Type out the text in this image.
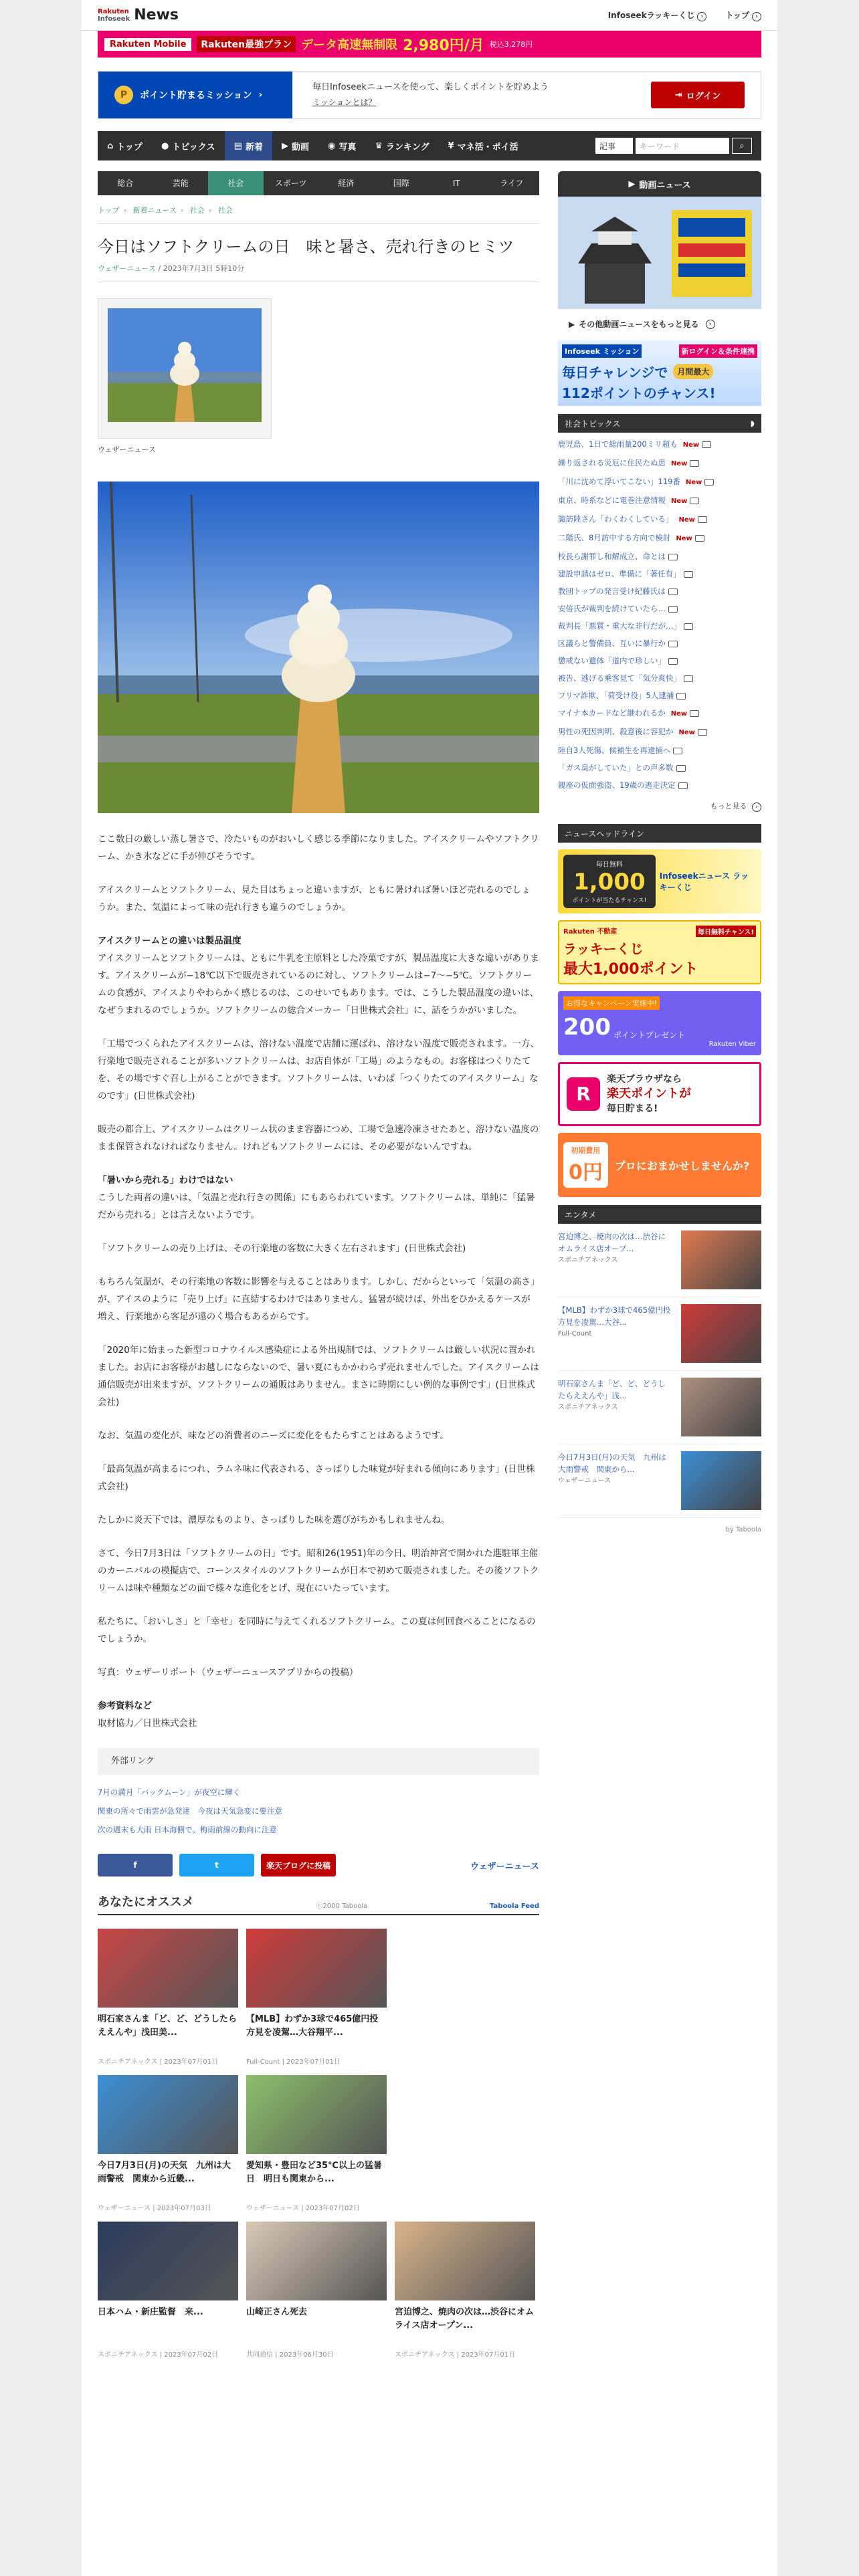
Rakuten
Infoseek News	Infoseekラッキーくじ ›	トップ ›
Rakuten Mobile	Rakuten最強プラン データ高速無制限 2,980円/月 税込3,278円
P	ポイント貯まるミッション ›
毎日Infoseekニュースを使って、楽しくポイントを貯めよう
ミッションとは？
⇥ ログイン
⌂ トップ ● トピックス ▤ 新着 ▶ 動画 ◉ 写真 ♛ ランキング ¥ マネ活・ポイ活	記事	キーワード	⌕
総合	芸能	社会	スポーツ	経済	国際	IT	ライフ
トップ › 新着ニュース › 社会 › 社会
今日はソフトクリームの日　味と暑さ、売れ行きのヒミツ
ウェザーニュース / 2023年7月3日 5時10分
ウェザーニュース

ここ数日の厳しい蒸し暑さで、冷たいものがおいしく感じる季節になりました。アイスクリームやソフトクリーム、かき氷などに手が伸びそうです。

アイスクリームとソフトクリーム、見た目はちょっと違いますが、ともに暑ければ暑いほど売れるのでしょうか。また、気温によって味の売れ行きも違うのでしょうか。

アイスクリームとの違いは製品温度

アイスクリームとソフトクリームは、ともに牛乳を主原料とした冷菓ですが、製品温度に大きな違いがあります。アイスクリームが−18℃以下で販売されているのに対し、ソフトクリームは−7～−5℃。ソフトクリームの食感が、アイスよりやわらかく感じるのは、このせいでもあります。では、こうした製品温度の違いは、なぜうまれるのでしょうか。ソフトクリームの総合メーカー「日世株式会社」に、話をうかがいました。

「工場でつくられたアイスクリームは、溶けない温度で店舗に運ばれ、溶けない温度で販売されます。一方、行楽地で販売されることが多いソフトクリームは、お店自体が「工場」のようなもの。お客様はつくりたてを、その場ですぐ召し上がることができます。ソフトクリームは、いわば「つくりたてのアイスクリーム」なのです」(日世株式会社)

販売の都合上、アイスクリームはクリーム状のまま容器につめ、工場で急速冷凍させたあと、溶けない温度のまま保管されなければなりません。けれどもソフトクリームには、その必要がないんですね。

「暑いから売れる」わけではない

こうした両者の違いは、「気温と売れ行きの関係」にもあらわれています。ソフトクリームは、単純に「猛暑だから売れる」とは言えないようです。

「ソフトクリームの売り上げは、その行楽地の客数に大きく左右されます」(日世株式会社)

もちろん気温が、その行楽地の客数に影響を与えることはあります。しかし、だからといって「気温の高さ」が、アイスのように「売り上げ」に直結するわけではありません。猛暑が続けば、外出をひかえるケースが増え、行楽地から客足が遠のく場合もあるからです。

「2020年に始まった新型コロナウイルス感染症による外出規制では、ソフトクリームは厳しい状況に置かれました。お店にお客様がお越しにならないので、暑い夏にもかかわらず売れませんでした。アイスクリームは通信販売が出来ますが、ソフトクリームの通販はありません。まさに時期にしい例的な事例です」(日世株式会社)

なお、気温の変化が、味などの消費者のニーズに変化をもたらすことはあるようです。

「最高気温が高まるにつれ、ラムネ味に代表される、さっぱりした味覚が好まれる傾向にあります」(日世株式会社)

たしかに炎天下では、濃厚なものより、さっぱりした味を選びがちかもしれませんね。

さて、今日7月3日は「ソフトクリームの日」です。昭和26(1951)年の今日、明治神宮で開かれた進駐軍主催のカーニバルの模擬店で、コーンスタイルのソフトクリームが日本で初めて販売されました。その後ソフトクリームは味や種類などの面で様々な進化をとげ、現在にいたっています。

私たちに、「おいしさ」と「幸せ」を同時に与えてくれるソフトクリーム。この夏は何回食べることになるのでしょうか。

写真：ウェザーリポート（ウェザーニュースアプリからの投稿）

参考資料など

取材協力／日世株式会社

外部リンク
7月の満月「バックムーン」が夜空に輝く
関東の所々で雨雲が急発達　今夜は天気急変に要注意
次の週末も大雨 日本海側で、梅雨前線の動向に注意
f	t	楽天ブログに投稿	ウェザーニュース
あなたにオススメ	ⓒ2000 Taboola	Taboola Feed
明石家さんま「ど、ど、どうしたらええんや」浅田美...
スポニチアネックス | 2023年07月01日
【MLB】わずか3球で465億円投方見を凌駕…大谷翔平...
Full-Count | 2023年07月01日
今日7月3日(月)の天気　九州は大雨警戒　関東から近畿...
ウェザーニュース | 2023年07月03日
愛知県・豊田など35℃以上の猛暑日　明日も関東から...
ウェザーニュース | 2023年07月02日
日本ハム・新庄監督　来...
スポニチアネックス | 2023年07月02日
山崎正さん死去
共同通信 | 2023年06月30日
宮迫博之、焼肉の次は…渋谷にオムライス店オープン...
スポニチアネックス | 2023年07月01日
▶ 動画ニュース
▶ その他動画ニュースをもっと見る	›
Infoseek ミッション	新ログイン＆条件連携
毎日チャレンジで	月間最大
112ポイントのチャンス!
社会トピックス	◗
鹿児島、1日で総雨量200ミリ超も New
繰り返される災厄に住民たぬ患 New
「川に沈めて浮いてこない」119番 New
東京、時系などに電巻注意情報 New
諏訪陸さん「わくわくしている」 New
二階氏、8月訪中する方向で検討 New
校長ら謝罪し和解成立、命とは
建設申請はゼロ、準備に「著任有」
教団トップの発言受け紀藤氏は
安倍氏が裁判を続けていたら…
裁判長「悪質・重大な非行だが…」
区議らと警備員、互いに暴行か
懲戒ない遺体「道内で珍しい」
被告、逃げる乗客見て「気分爽快」
フリマ詐欺、「荷受け役」5人逮捕
マイナ本カードなど継われるか New
男性の死因判明、殺意後に容犯か New
陸自3人死傷、候補生を再逮捕へ
「ガス臭がしていた」との声多数
親座の仮面強盗、19歳の逃走決定
もっと見る ›
ニュースヘッドライン
毎日無料
1,000
ポイントが当たるチャンス!
Infoseekニュース ラッキーくじ
Rakuten 不動産	毎日無料チャンス!
ラッキーくじ
最大1,000ポイント
お得なキャンペーン実施中!
200 ポイントプレゼント
Rakuten Viber
R
楽天ブラウザなら
楽天ポイントが
毎日貯まる!
初期費用
0円 プロにおまかせしませんか?
エンタメ
宮迫博之、焼肉の次は…渋谷にオムライス店オープ...
スポニチアネックス
【MLB】わずか3球で465億円投方見を凌駕…大谷...
Full-Count
明石家さんま「ど、ど、どうしたらええんや」浅...
スポニチアネックス
今日7月3日(月)の天気　九州は大雨警戒　関東から...
ウェザーニュース
by Taboola
